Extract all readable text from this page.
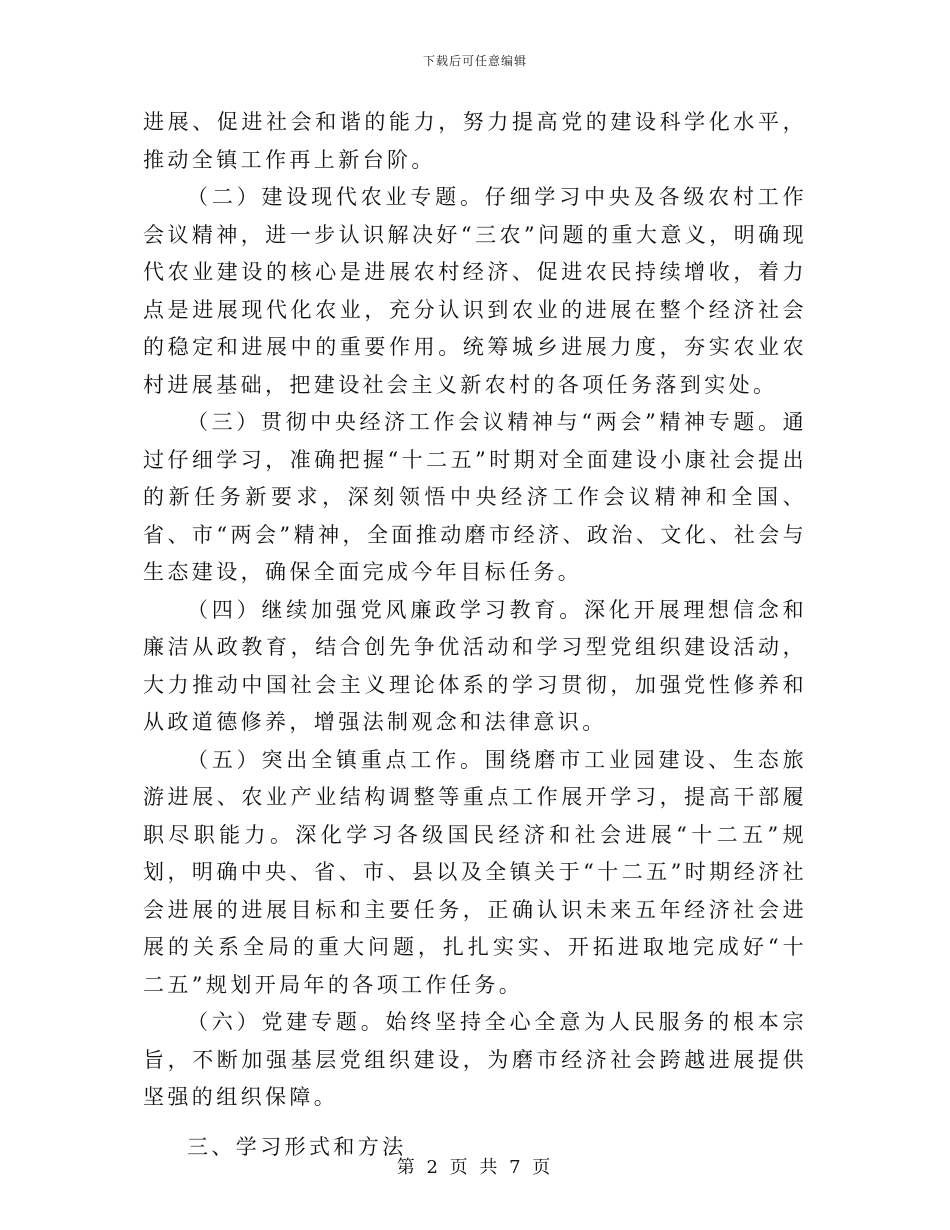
下载后可任意编辑

进展、促进社会和谐的能力，努力提高党的建设科学化水平，推动全镇工作再上新台阶。

（二）建设现代农业专题。仔细学习中央及各级农村工作会议精神，进一步认识解决好“三农”问题的重大意义，明确现代农业建设的核心是进展农村经济、促进农民持续增收，着力点是进展现代化农业，充分认识到农业的进展在整个经济社会的稳定和进展中的重要作用。统筹城乡进展力度，夯实农业农村进展基础，把建设社会主义新农村的各项任务落到实处。

（三）贯彻中央经济工作会议精神与“两会”精神专题。通过仔细学习，准确把握“十二五”时期对全面建设小康社会提出的新任务新要求，深刻领悟中央经济工作会议精神和全国、省、市“两会”精神，全面推动磨市经济、政治、文化、社会与生态建设，确保全面完成今年目标任务。

（四）继续加强党风廉政学习教育。深化开展理想信念和廉洁从政教育，结合创先争优活动和学习型党组织建设活动，大力推动中国社会主义理论体系的学习贯彻，加强党性修养和从政道德修养，增强法制观念和法律意识。

（五）突出全镇重点工作。围绕磨市工业园建设、生态旅游进展、农业产业结构调整等重点工作展开学习，提高干部履职尽职能力。深化学习各级国民经济和社会进展“十二五”规划，明确中央、省、市、县以及全镇关于“十二五”时期经济社会进展的进展目标和主要任务，正确认识未来五年经济社会进展的关系全局的重大问题，扎扎实实、开拓进取地完成好“十二五”规划开局年的各项工作任务。

（六）党建专题。始终坚持全心全意为人民服务的根本宗旨，不断加强基层党组织建设，为磨市经济社会跨越进展提供坚强的组织保障。

三、学习形式和方法

第 2 页 共 7 页
